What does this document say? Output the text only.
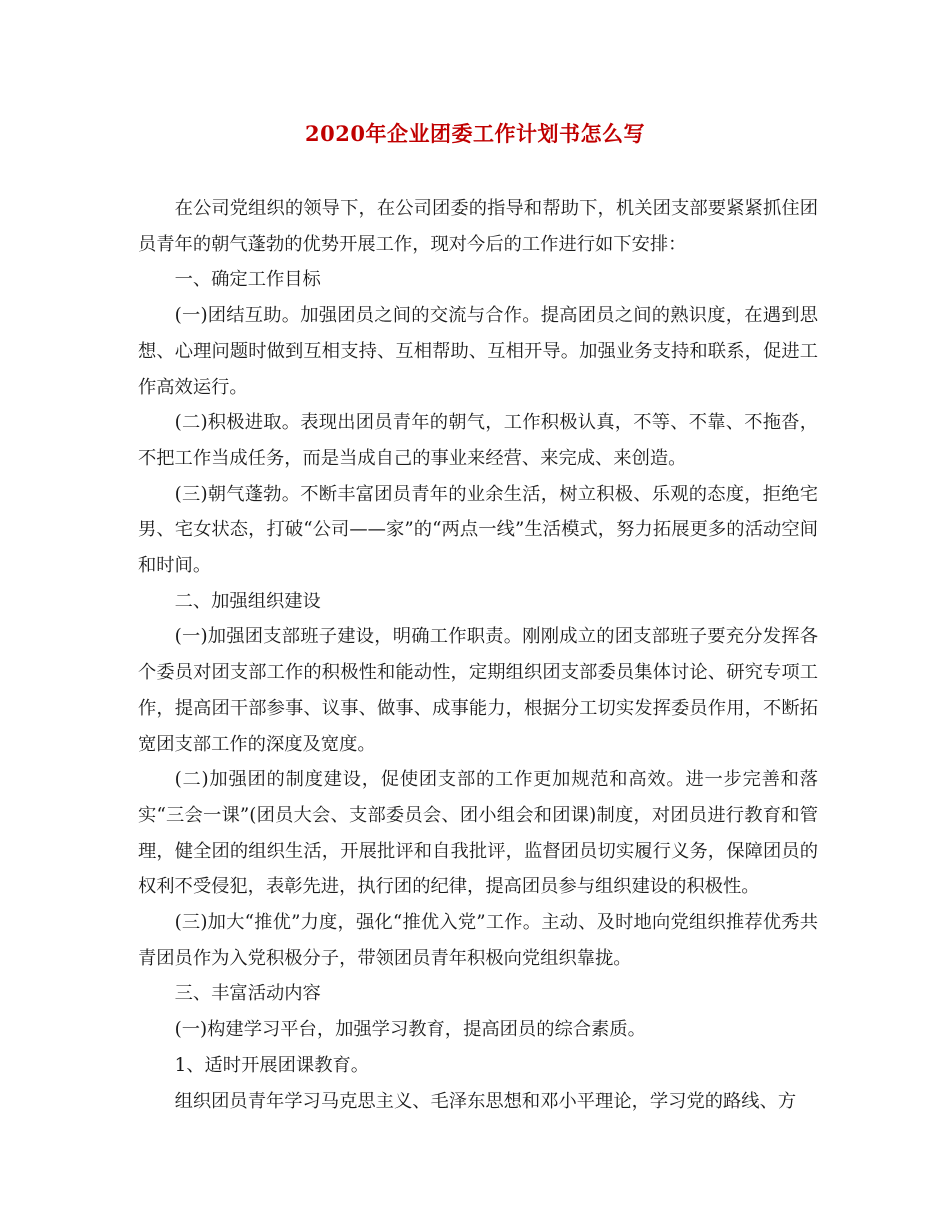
2020年企业团委工作计划书怎么写

在公司党组织的领导下，在公司团委的指导和帮助下，机关团支部要紧紧抓住团员青年的朝气蓬勃的优势开展工作，现对今后的工作进行如下安排：

一、确定工作目标

(一)团结互助。加强团员之间的交流与合作。提高团员之间的熟识度，在遇到思想、心理问题时做到互相支持、互相帮助、互相开导。加强业务支持和联系，促进工作高效运行。

(二)积极进取。表现出团员青年的朝气，工作积极认真，不等、不靠、不拖沓，不把工作当成任务，而是当成自己的事业来经营、来完成、来创造。

(三)朝气蓬勃。不断丰富团员青年的业余生活，树立积极、乐观的态度，拒绝宅男、宅女状态，打破“公司——家”的“两点一线”生活模式，努力拓展更多的活动空间和时间。

二、加强组织建设

(一)加强团支部班子建设，明确工作职责。刚刚成立的团支部班子要充分发挥各个委员对团支部工作的积极性和能动性，定期组织团支部委员集体讨论、研究专项工作，提高团干部参事、议事、做事、成事能力，根据分工切实发挥委员作用，不断拓宽团支部工作的深度及宽度。

(二)加强团的制度建设，促使团支部的工作更加规范和高效。进一步完善和落实“三会一课”(团员大会、支部委员会、团小组会和团课)制度，对团员进行教育和管理，健全团的组织生活，开展批评和自我批评，监督团员切实履行义务，保障团员的权利不受侵犯，表彰先进，执行团的纪律，提高团员参与组织建设的积极性。

(三)加大“推优”力度，强化“推优入党”工作。主动、及时地向党组织推荐优秀共青团员作为入党积极分子，带领团员青年积极向党组织靠拢。

三、丰富活动内容

(一)构建学习平台，加强学习教育，提高团员的综合素质。

1、适时开展团课教育。

组织团员青年学习马克思主义、毛泽东思想和邓小平理论，学习党的路线、方
